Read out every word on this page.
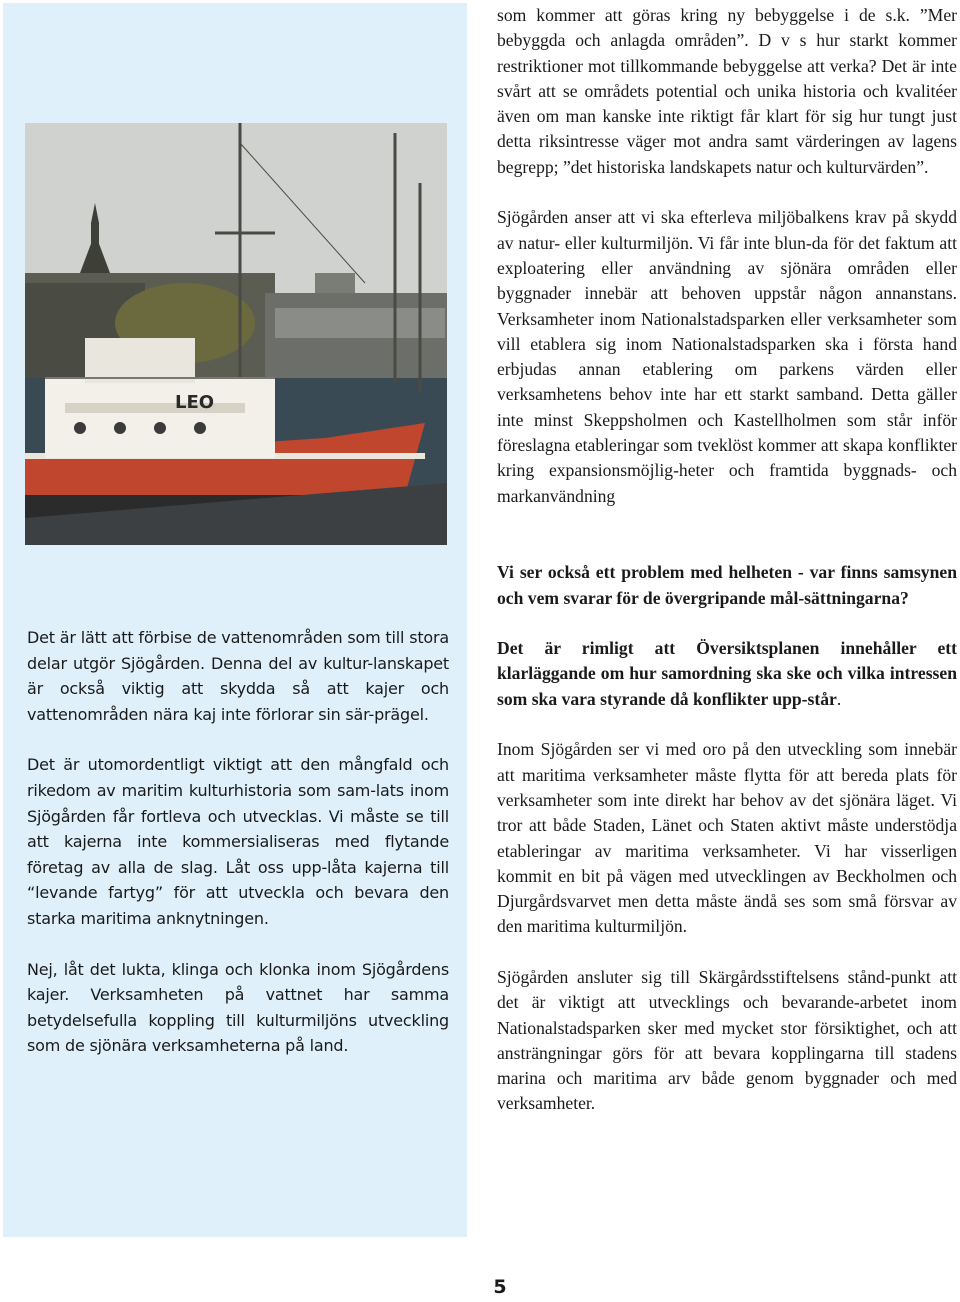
LEO

Det är lätt att förbise de vattenområden som till stora delar utgör Sjögården. Denna del av kultur-lanskapet är också viktig att skydda så att kajer och vattenområden nära kaj inte förlorar sin sär-prägel.

Det är utomordentligt viktigt att den mångfald och rikedom av maritim kulturhistoria som sam-lats inom Sjögården får fortleva och utvecklas. Vi måste se till att kajerna inte kommersialiseras med flytande företag av alla de slag. Låt oss upp-låta kajerna till “levande fartyg” för att utveckla och bevara den starka maritima anknytningen.

Nej, låt det lukta, klinga och klonka inom Sjögårdens kajer. Verksamheten på vattnet har samma betydelsefulla koppling till kulturmiljöns utveckling som de sjönära verksamheterna på land.

som kommer att göras kring ny bebyggelse i de s.k. ”Mer bebyggda och anlagda områden”. D v s hur starkt kommer restriktioner mot tillkommande bebyggelse att verka? Det är inte svårt att se områdets potential och unika historia och kvalitéer även om man kanske inte riktigt får klart för sig hur tungt just detta riksintresse väger mot andra samt värderingen av lagens begrepp; ”det historiska landskapets natur och kulturvärden”.

Sjögården anser att vi ska efterleva miljöbalkens krav på skydd av natur- eller kulturmiljön. Vi får inte blun-da för det faktum att exploatering eller användning av sjönära områden eller byggnader innebär att behoven uppstår någon annanstans. Verksamheter inom Nationalstadsparken eller verksamheter som vill etablera sig inom Nationalstadsparken ska i första hand erbjudas annan etablering om parkens värden eller verksamhetens behov inte har ett starkt samband. Detta gäller inte minst Skeppsholmen och Kastellholmen som står inför föreslagna etableringar som tveklöst kommer att skapa konflikter kring expansionsmöjlig-heter och framtida byggnads- och markanvändning

Vi ser också ett problem med helheten - var finns samsynen och vem svarar för de övergripande mål-sättningarna?

Det är rimligt att Översiktsplanen innehåller ett klarläggande om hur samordning ska ske och vilka intressen som ska vara styrande då konflikter upp-står.

Inom Sjögården ser vi med oro på den utveckling som innebär att maritima verksamheter måste flytta för att bereda plats för verksamheter som inte direkt har behov av det sjönära läget. Vi tror att både Staden, Länet och Staten aktivt måste understödja etableringar av maritima verksamheter. Vi har visserligen kommit en bit på vägen med utvecklingen av Beckholmen och Djurgårdsvarvet men detta måste ändå ses som små försvar av den maritima kulturmiljön.

Sjögården ansluter sig till Skärgårdsstiftelsens stånd-punkt att det är viktigt att utvecklings och bevarande-arbetet inom Nationalstadsparken sker med mycket stor försiktighet, och att ansträngningar görs för att bevara kopplingarna till stadens marina och maritima arv både genom byggnader och med verksamheter.

5
